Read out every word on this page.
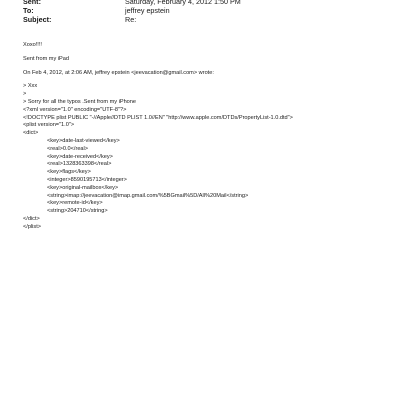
Sent:	Saturday, February 4, 2012 1:50 PM
To:	jeffrey epstein
Subject:	Re:
Xoxo!!!!
Sent from my iPad
On Feb 4, 2012, at 2:06 AM, jeffrey epstein <jeevacation@gmail.com> wrote:
> Xxx
>
> Sorry for all the typos .Sent from my iPhone
<?xml version="1.0" encoding="UTF-8"?>
<!DOCTYPE plist PUBLIC "-//Apple//DTD PLIST 1.0//EN" "http://www.apple.com/DTDs/PropertyList-1.0.dtd">
<plist version="1.0">
<dict>
<key>date-last-viewed</key>
<real>0.0</real>
<key>date-received</key>
<real>1328363398</real>
<key>flags</key>
<integer>8590195713</integer>
<key>original-mailbox</key>
<string>imap://jeevacation@imap.gmail.com/%5BGmail%5D/All%20Mail</string>
<key>remote-id</key>
<string>204710</string>
</dict>
</plist>
